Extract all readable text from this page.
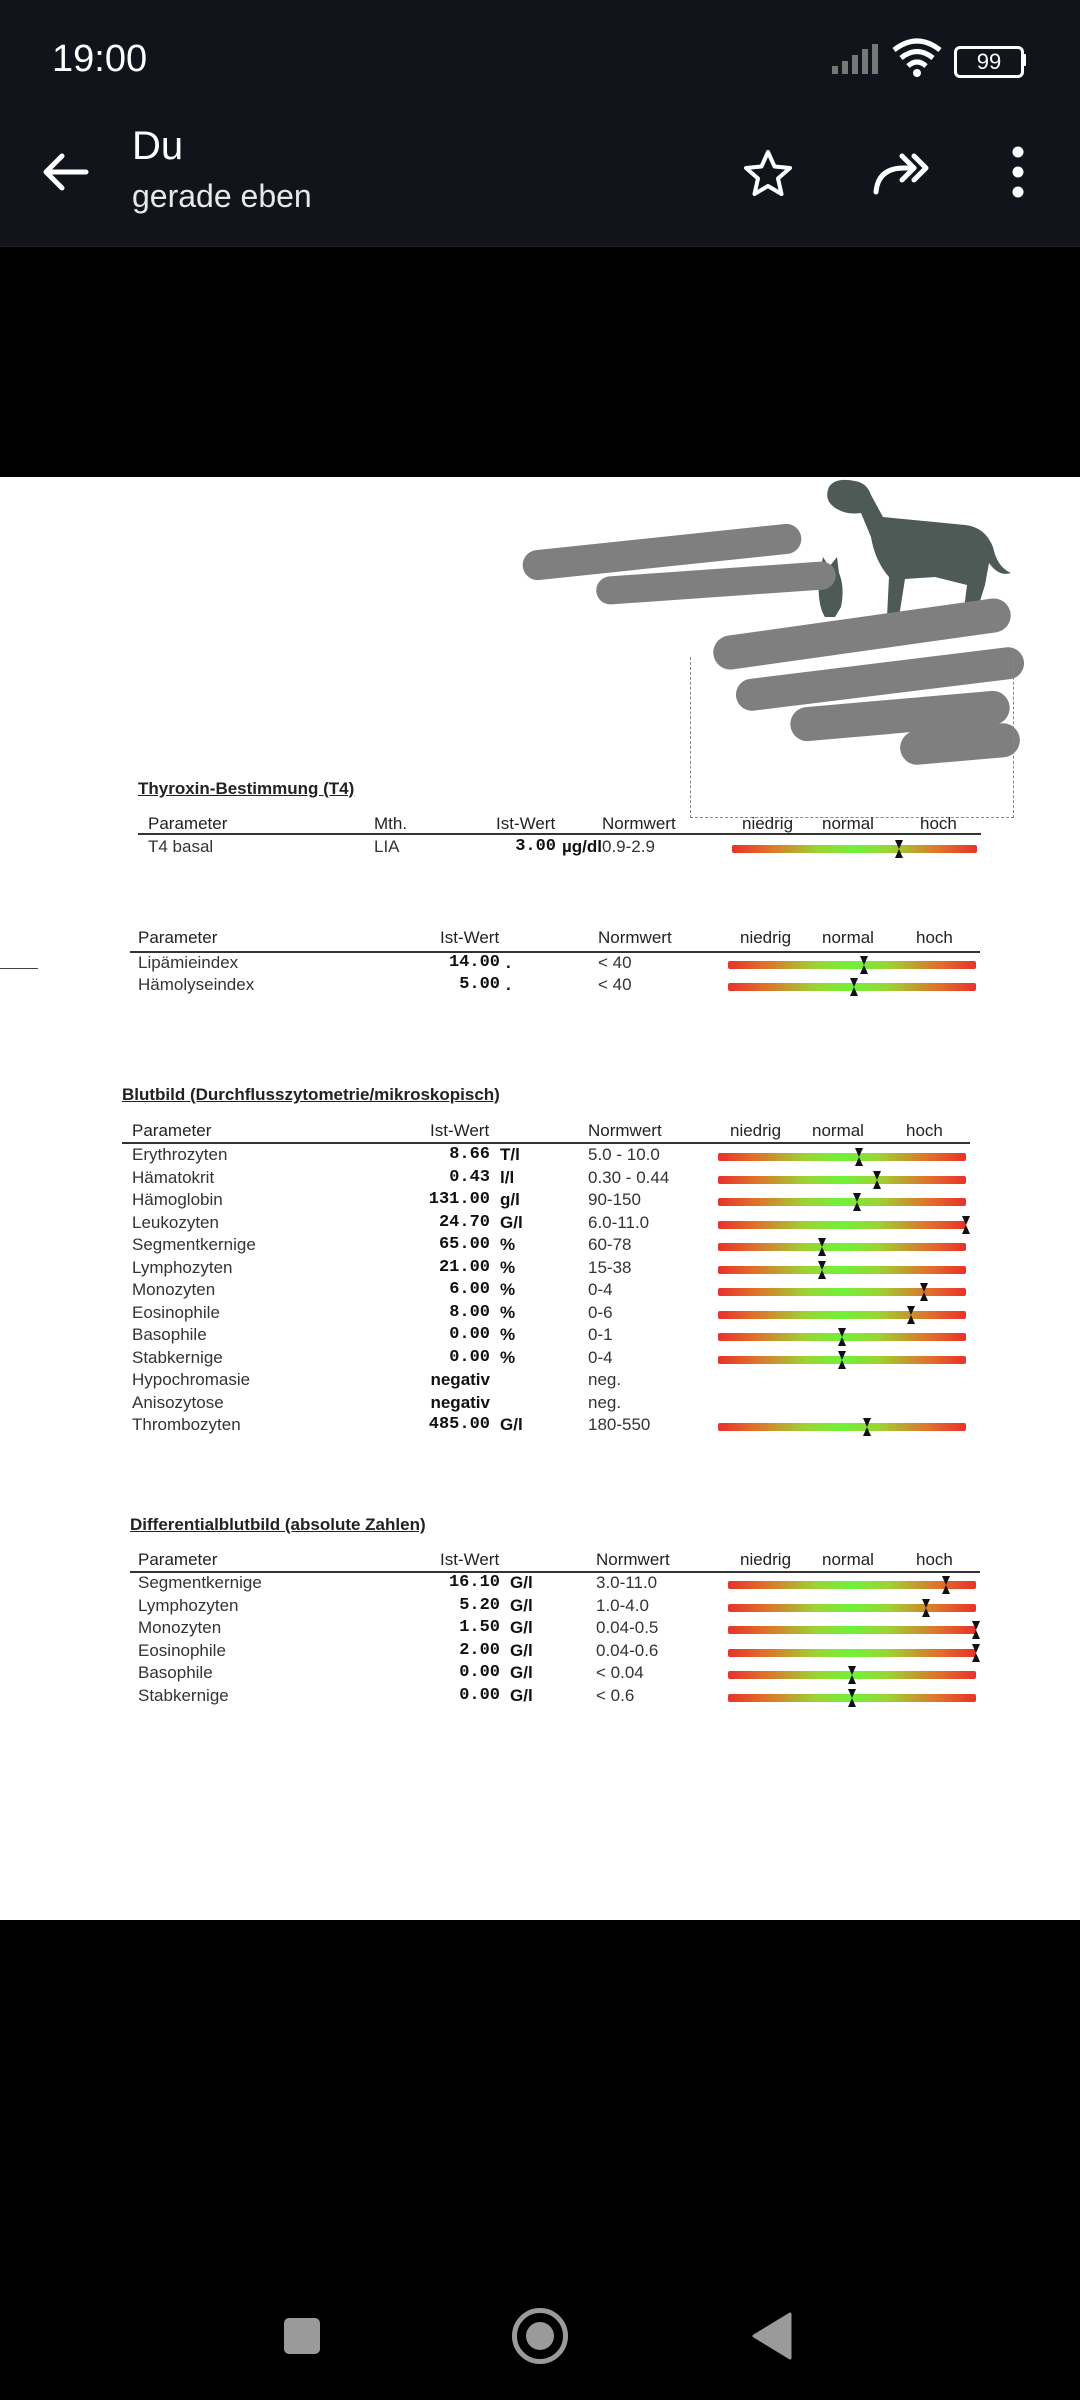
19:00	99
Du
gerade eben
Thyroxin-Bestimmung (T4)
Parameter	Mth.	Ist-Wert	Normwert	niedrig normal	hoch
T4 basal	LIA	3.00 µg/dl 0.9-2.9
Parameter	Ist-Wert	Normwert	niedrig normal hoch
Lipämieindex	14.00 .	< 40
Hämolyseindex	5.00 .	< 40
Blutbild (Durchflusszytometrie/mikroskopisch)
Parameter	Ist-Wert	Normwert	niedrig normal hoch
Erythrozyten	8.66 T/l	5.0 - 10.0
Hämatokrit	0.43 l/l	0.30 - 0.44
Hämoglobin	131.00 g/l	90-150
Leukozyten	24.70 G/l	6.0-11.0
Segmentkernige	65.00 %	60-78
Lymphozyten	21.00 %	15-38
Monozyten	6.00 %	0-4
Eosinophile	8.00 %	0-6
Basophile	0.00 %	0-1
Stabkernige	0.00 %	0-4
Hypochromasie	negativ	neg.
Anisozytose	negativ	neg.
Thrombozyten	485.00 G/l	180-550
Differentialblutbild (absolute Zahlen)
Parameter	Ist-Wert	Normwert	niedrig normal hoch
Segmentkernige	16.10 G/l	3.0-11.0
Lymphozyten	5.20 G/l	1.0-4.0
Monozyten	1.50 G/l	0.04-0.5
Eosinophile	2.00 G/l	0.04-0.6
Basophile	0.00 G/l	< 0.04
Stabkernige	0.00 G/l	< 0.6
